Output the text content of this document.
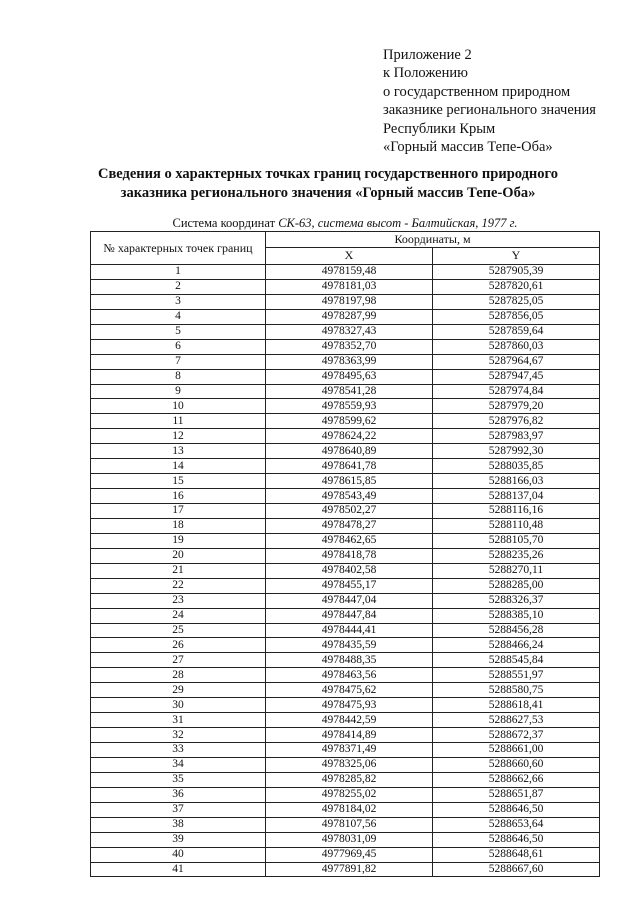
Приложение 2
к Положению
о государственном природном
заказнике регионального значения
Республики Крым
«Горный массив Тепе-Оба»
Сведения о характерных точках границ государственного природного
заказника регионального значения «Горный массив Тепе-Оба»
Система координат СК-63, система высот - Балтийская, 1977 г.
№ характерных точек границ	Координаты, м	
	X	Y
1	4978159,48	5287905,39
2	4978181,03	5287820,61
3	4978197,98	5287825,05
4	4978287,99	5287856,05
5	4978327,43	5287859,64
6	4978352,70	5287860,03
7	4978363,99	5287964,67
8	4978495,63	5287947,45
9	4978541,28	5287974,84
10	4978559,93	5287979,20
11	4978599,62	5287976,82
12	4978624,22	5287983,97
13	4978640,89	5287992,30
14	4978641,78	5288035,85
15	4978615,85	5288166,03
16	4978543,49	5288137,04
17	4978502,27	5288116,16
18	4978478,27	5288110,48
19	4978462,65	5288105,70
20	4978418,78	5288235,26
21	4978402,58	5288270,11
22	4978455,17	5288285,00
23	4978447,04	5288326,37
24	4978447,84	5288385,10
25	4978444,41	5288456,28
26	4978435,59	5288466,24
27	4978488,35	5288545,84
28	4978463,56	5288551,97
29	4978475,62	5288580,75
30	4978475,93	5288618,41
31	4978442,59	5288627,53
32	4978414,89	5288672,37
33	4978371,49	5288661,00
34	4978325,06	5288660,60
35	4978285,82	5288662,66
36	4978255,02	5288651,87
37	4978184,02	5288646,50
38	4978107,56	5288653,64
39	4978031,09	5288646,50
40	4977969,45	5288648,61
41	4977891,82	5288667,60
